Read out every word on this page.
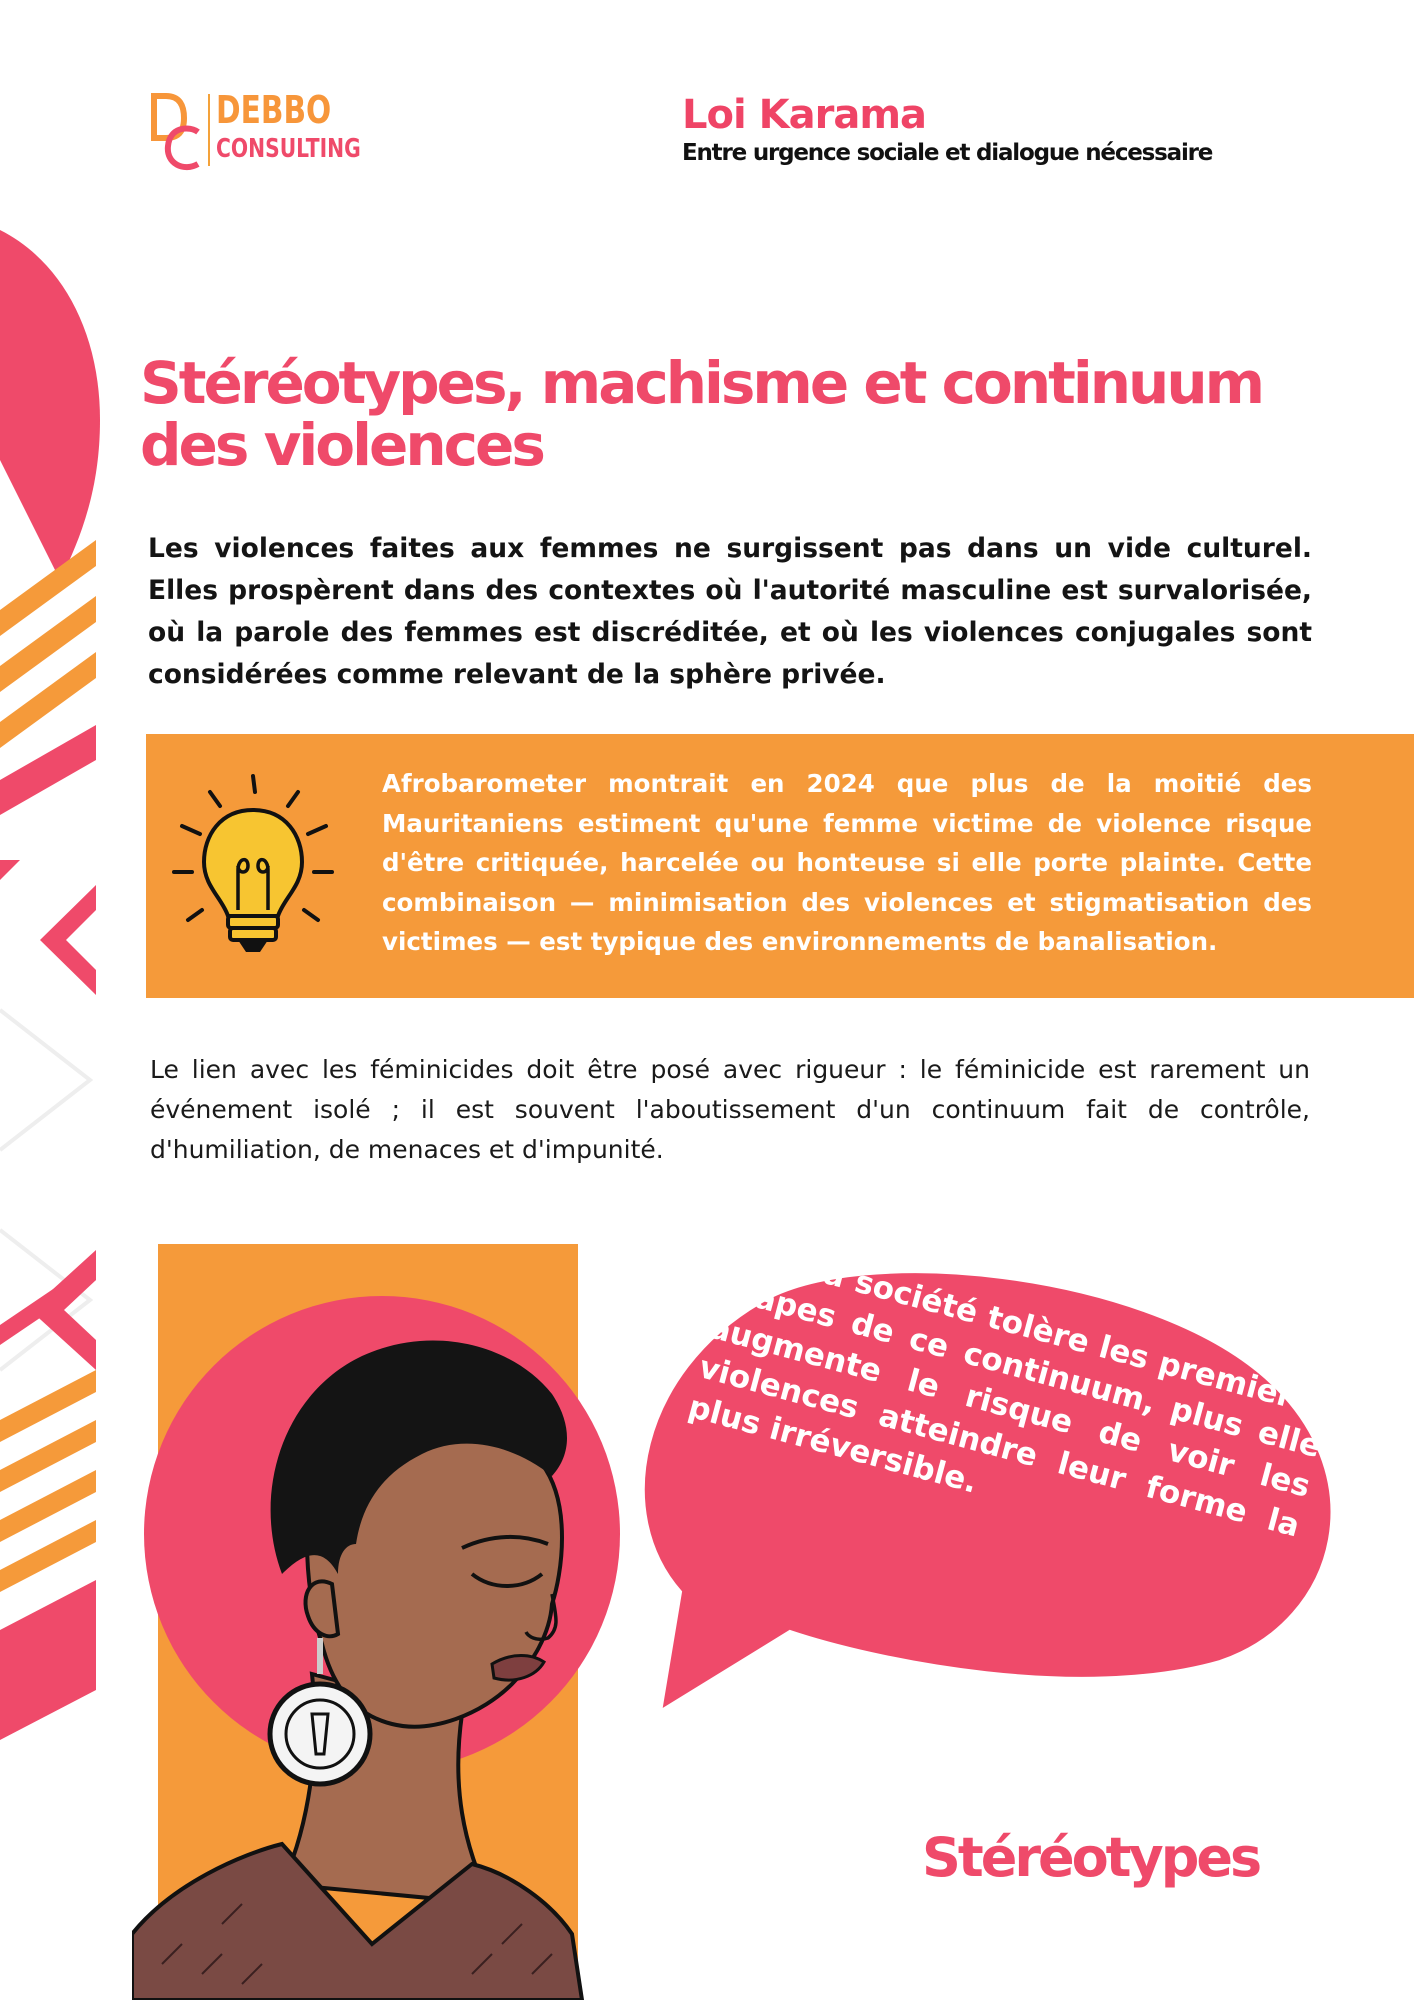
DEBBO
CONSULTING
Loi Karama
Entre urgence sociale et dialogue nécessaire
Stéréotypes, machisme et continuum des violences

Les violences faites aux femmes ne surgissent pas dans un vide culturel. Elles prospèrent dans des contextes où l'autorité masculine est survalorisée, où la parole des femmes est discréditée, et où les violences conjugales sont considérées comme relevant de la sphère privée.

Afrobarometer montrait en 2024 que plus de la moitié des Mauritaniens estiment qu'une femme victime de violence risque d'être critiquée, harcelée ou honteuse si elle porte plainte. Cette combinaison — minimisation des violences et stigmatisation des victimes — est typique des environnements de banalisation.

Le lien avec les féminicides doit être posé avec rigueur : le féminicide est rarement un événement isolé ; il est souvent l'aboutissement d'un continuum fait de contrôle, d'humiliation, de menaces et d'impunité.

Plus la société tolère les premières étapes de ce continuum, plus elle augmente le risque de voir les violences atteindre leur forme la plus irréversible.

Stéréotypes
